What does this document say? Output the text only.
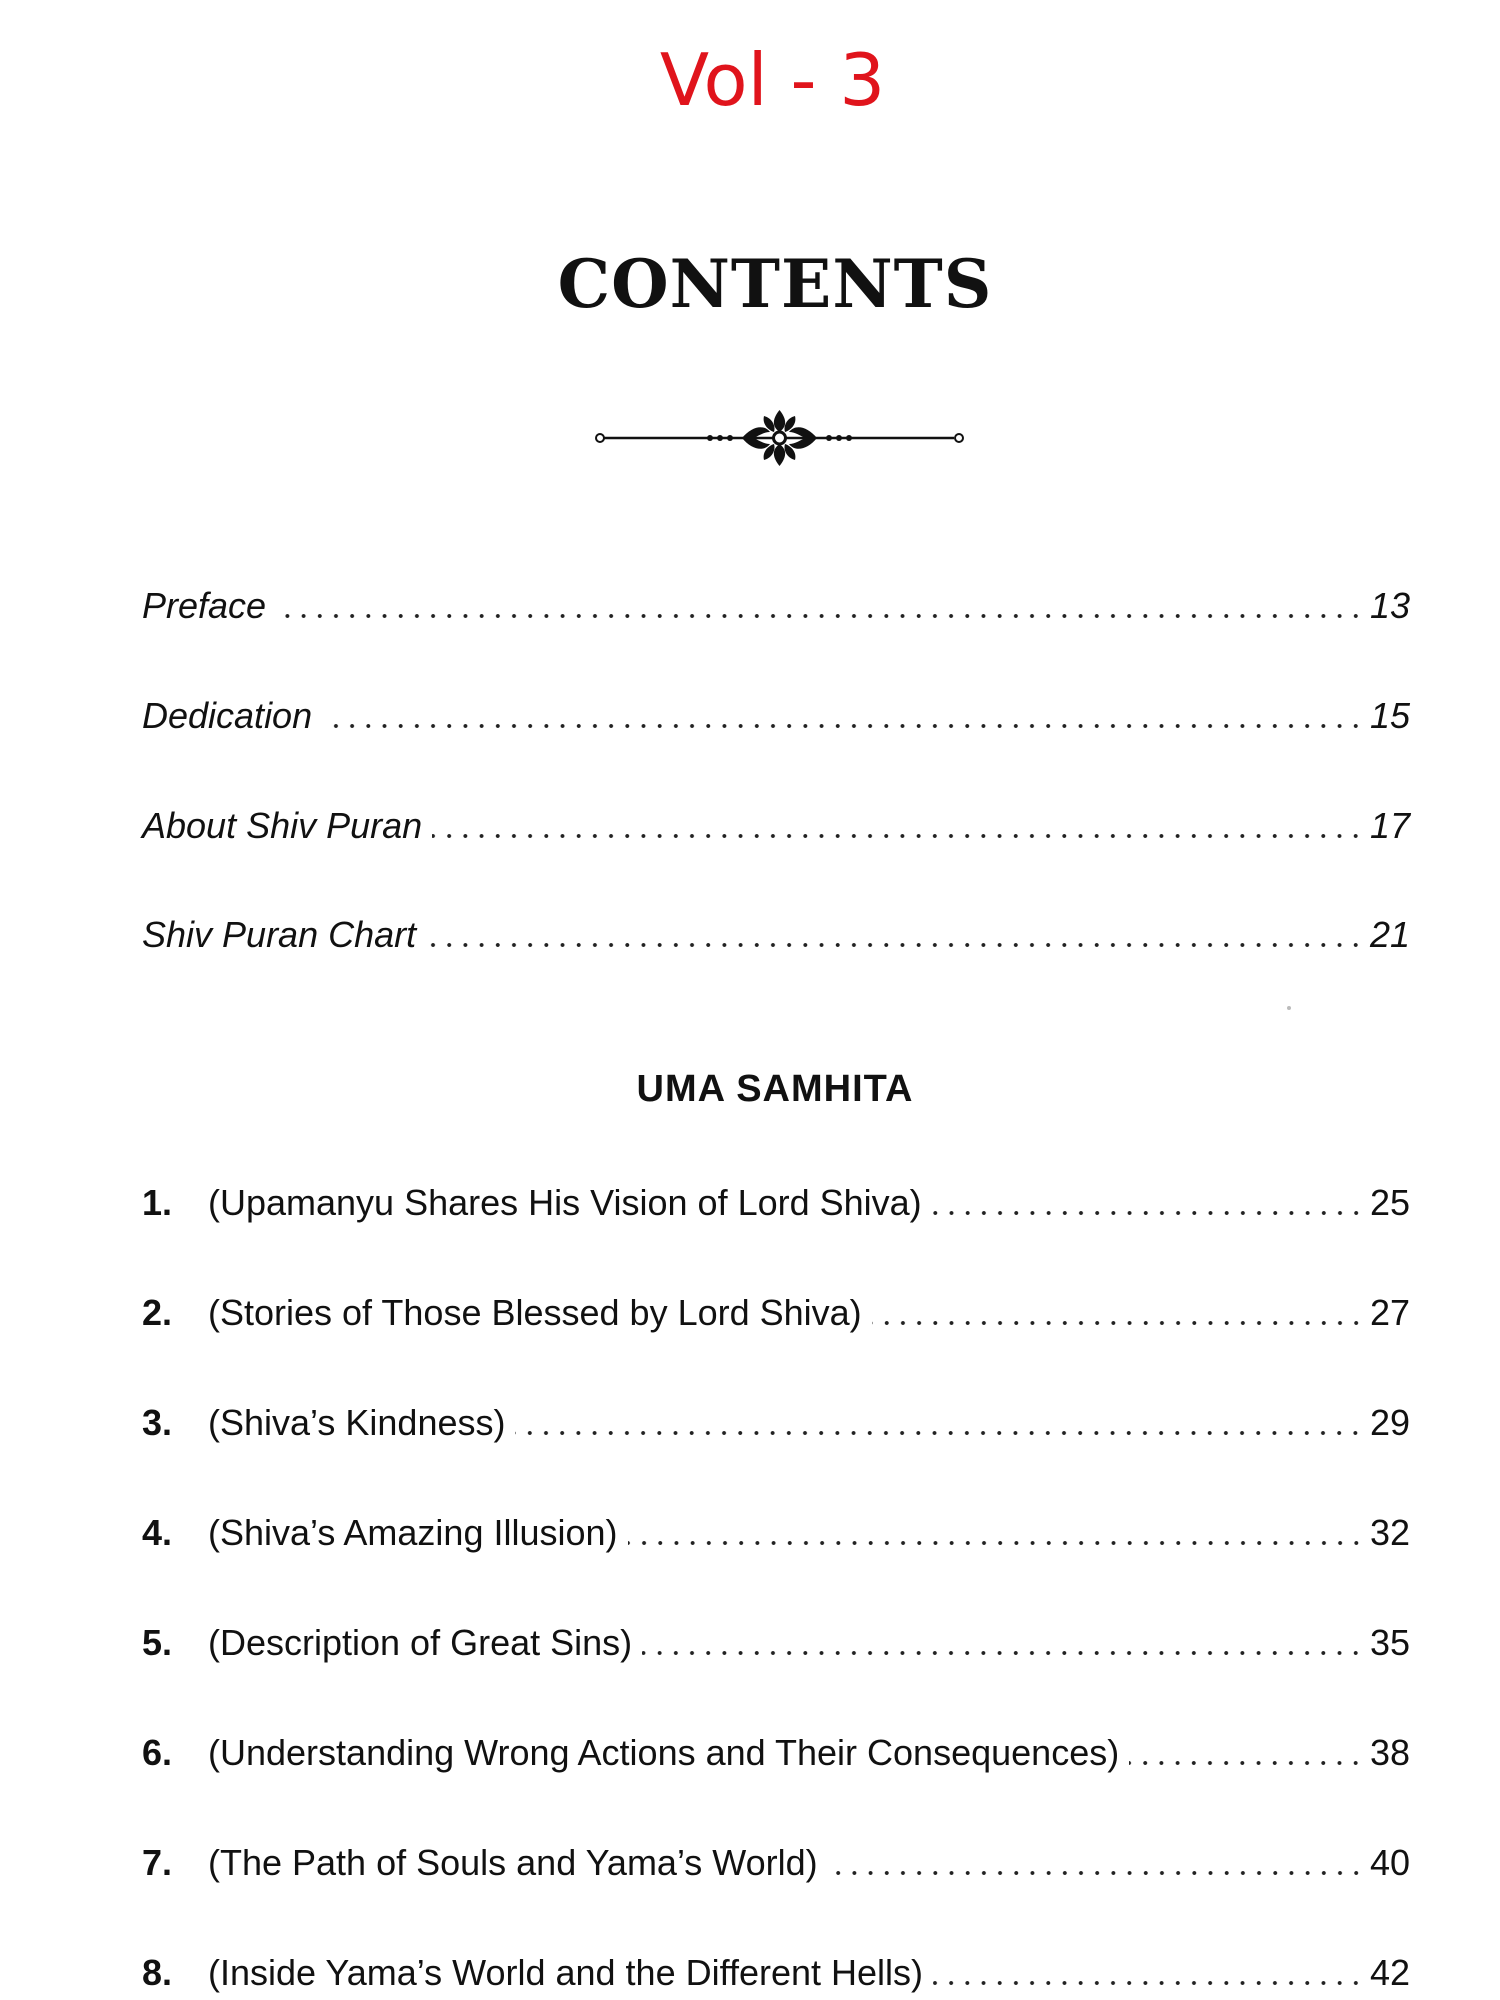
Vol - 3
CONTENTS
Preface	13
Dedication	15
About Shiv Puran	17
Shiv Puran Chart	21
UMA SAMHITA
1. (Upamanyu Shares His Vision of Lord Shiva)	25
2. (Stories of Those Blessed by Lord Shiva)	27
3. (Shiva’s Kindness)	29
4. (Shiva’s Amazing Illusion)	32
5. (Description of Great Sins)	35
6. (Understanding Wrong Actions and Their Consequences)	38
7. (The Path of Souls and Yama’s World)	40
8. (Inside Yama’s World and the Different Hells)	42
